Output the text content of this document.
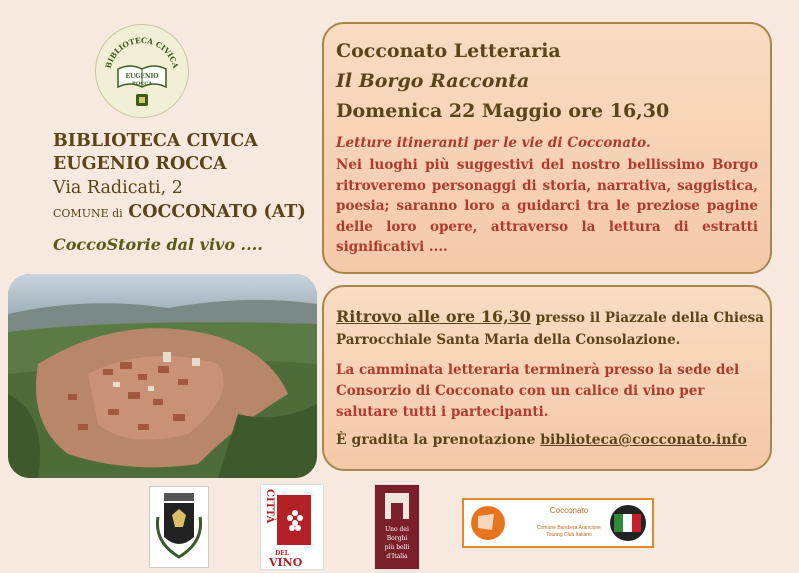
BIBLIOTECA CIVICA
EUGENIO
ROCCA
BIBLIOTECA CIVICA
EUGENIO ROCCA
Via Radicati, 2
COMUNE di COCCONATO (AT)
CoccoStorie dal vivo ....
Cocconato Letteraria
Il Borgo Racconta
Domenica 22 Maggio ore 16,30
Letture itineranti per le vie di Cocconato.
Nei luoghi più suggestivi del nostro bellissimo Borgo ritroveremo personaggi di storia, narrativa, saggistica, poesia; saranno loro a guidarci tra le preziose pagine delle loro opere, attraverso la lettura di estratti significativi ....
Ritrovo alle ore 16,30 presso il Piazzale della Chiesa Parrocchiale Santa Maria della Consolazione.
La camminata letteraria terminerà presso la sede del Consorzio di Cocconato con un calice di vino per salutare tutti i partecipanti.
È gradita la prenotazione biblioteca@cocconato.info
CITTÀ
DEL
VINO
Uno dei
Borghi
più belli
d'Italia
Cocconato
Comune Bandiera Arancione
Touring Club Italiano
